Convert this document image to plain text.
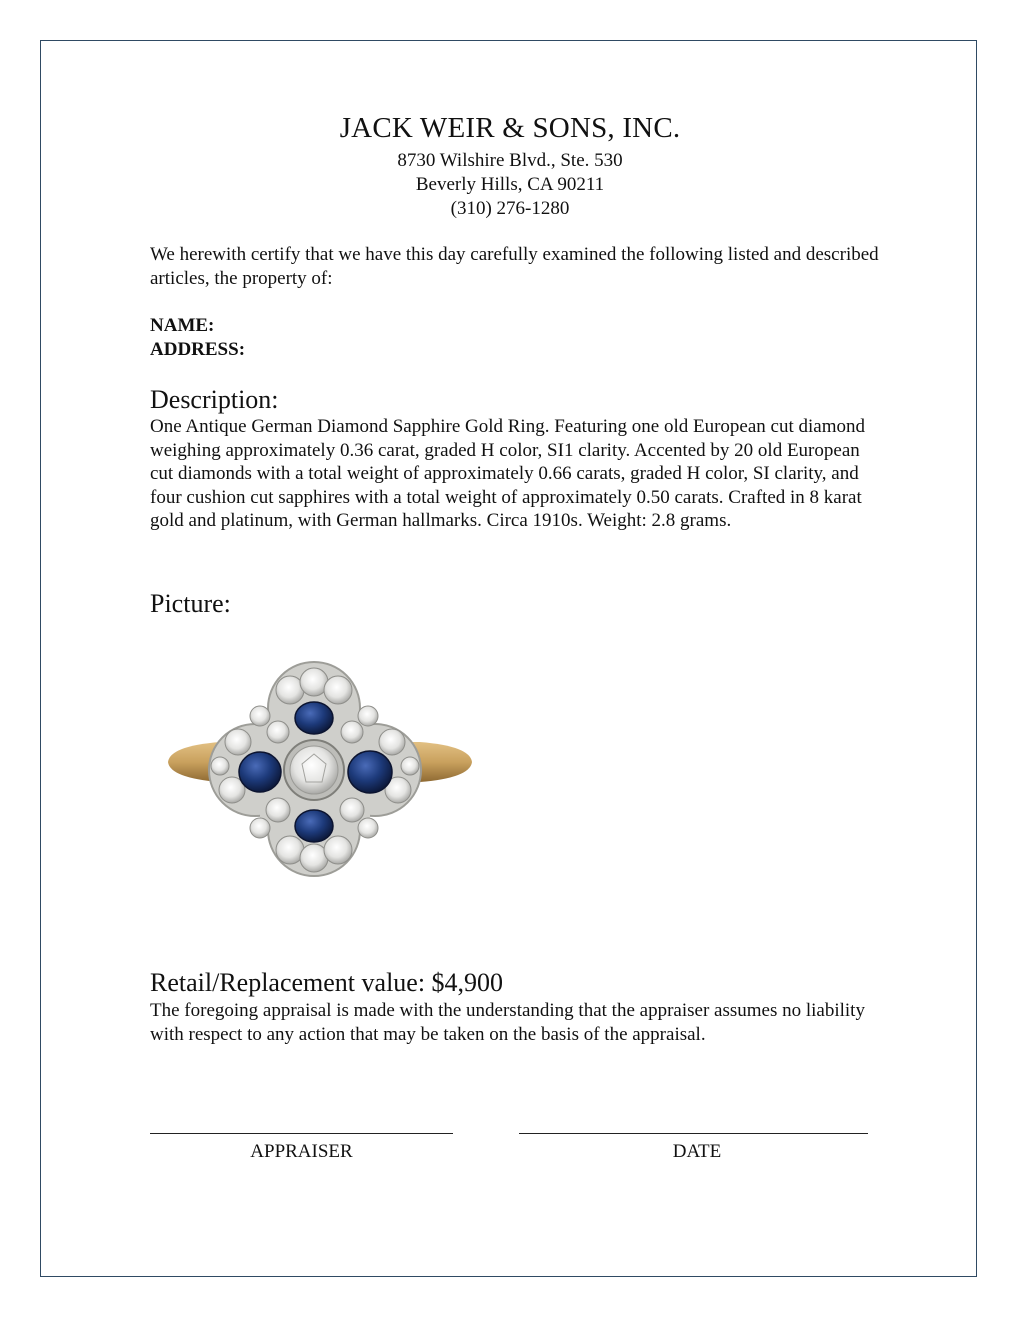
JACK WEIR & SONS, INC.
8730 Wilshire Blvd., Ste. 530
Beverly Hills, CA 90211
(310) 276-1280
We herewith certify that we have this day carefully examined the following listed and described articles, the property of:
NAME:
ADDRESS:
Description:
One Antique German Diamond Sapphire Gold Ring. Featuring one old European cut diamond weighing approximately 0.36 carat, graded H color, SI1 clarity. Accented by 20 old European cut diamonds with a total weight of approximately 0.66 carats, graded H color, SI clarity, and four cushion cut sapphires with a total weight of approximately 0.50 carats. Crafted in 8 karat gold and platinum, with German hallmarks. Circa 1910s. Weight: 2.8 grams.
Picture:
Retail/Replacement value: $4,900
The foregoing appraisal is made with the understanding that the appraiser assumes no liability with respect to any action that may be taken on the basis of the appraisal.
APPRAISER	DATE
